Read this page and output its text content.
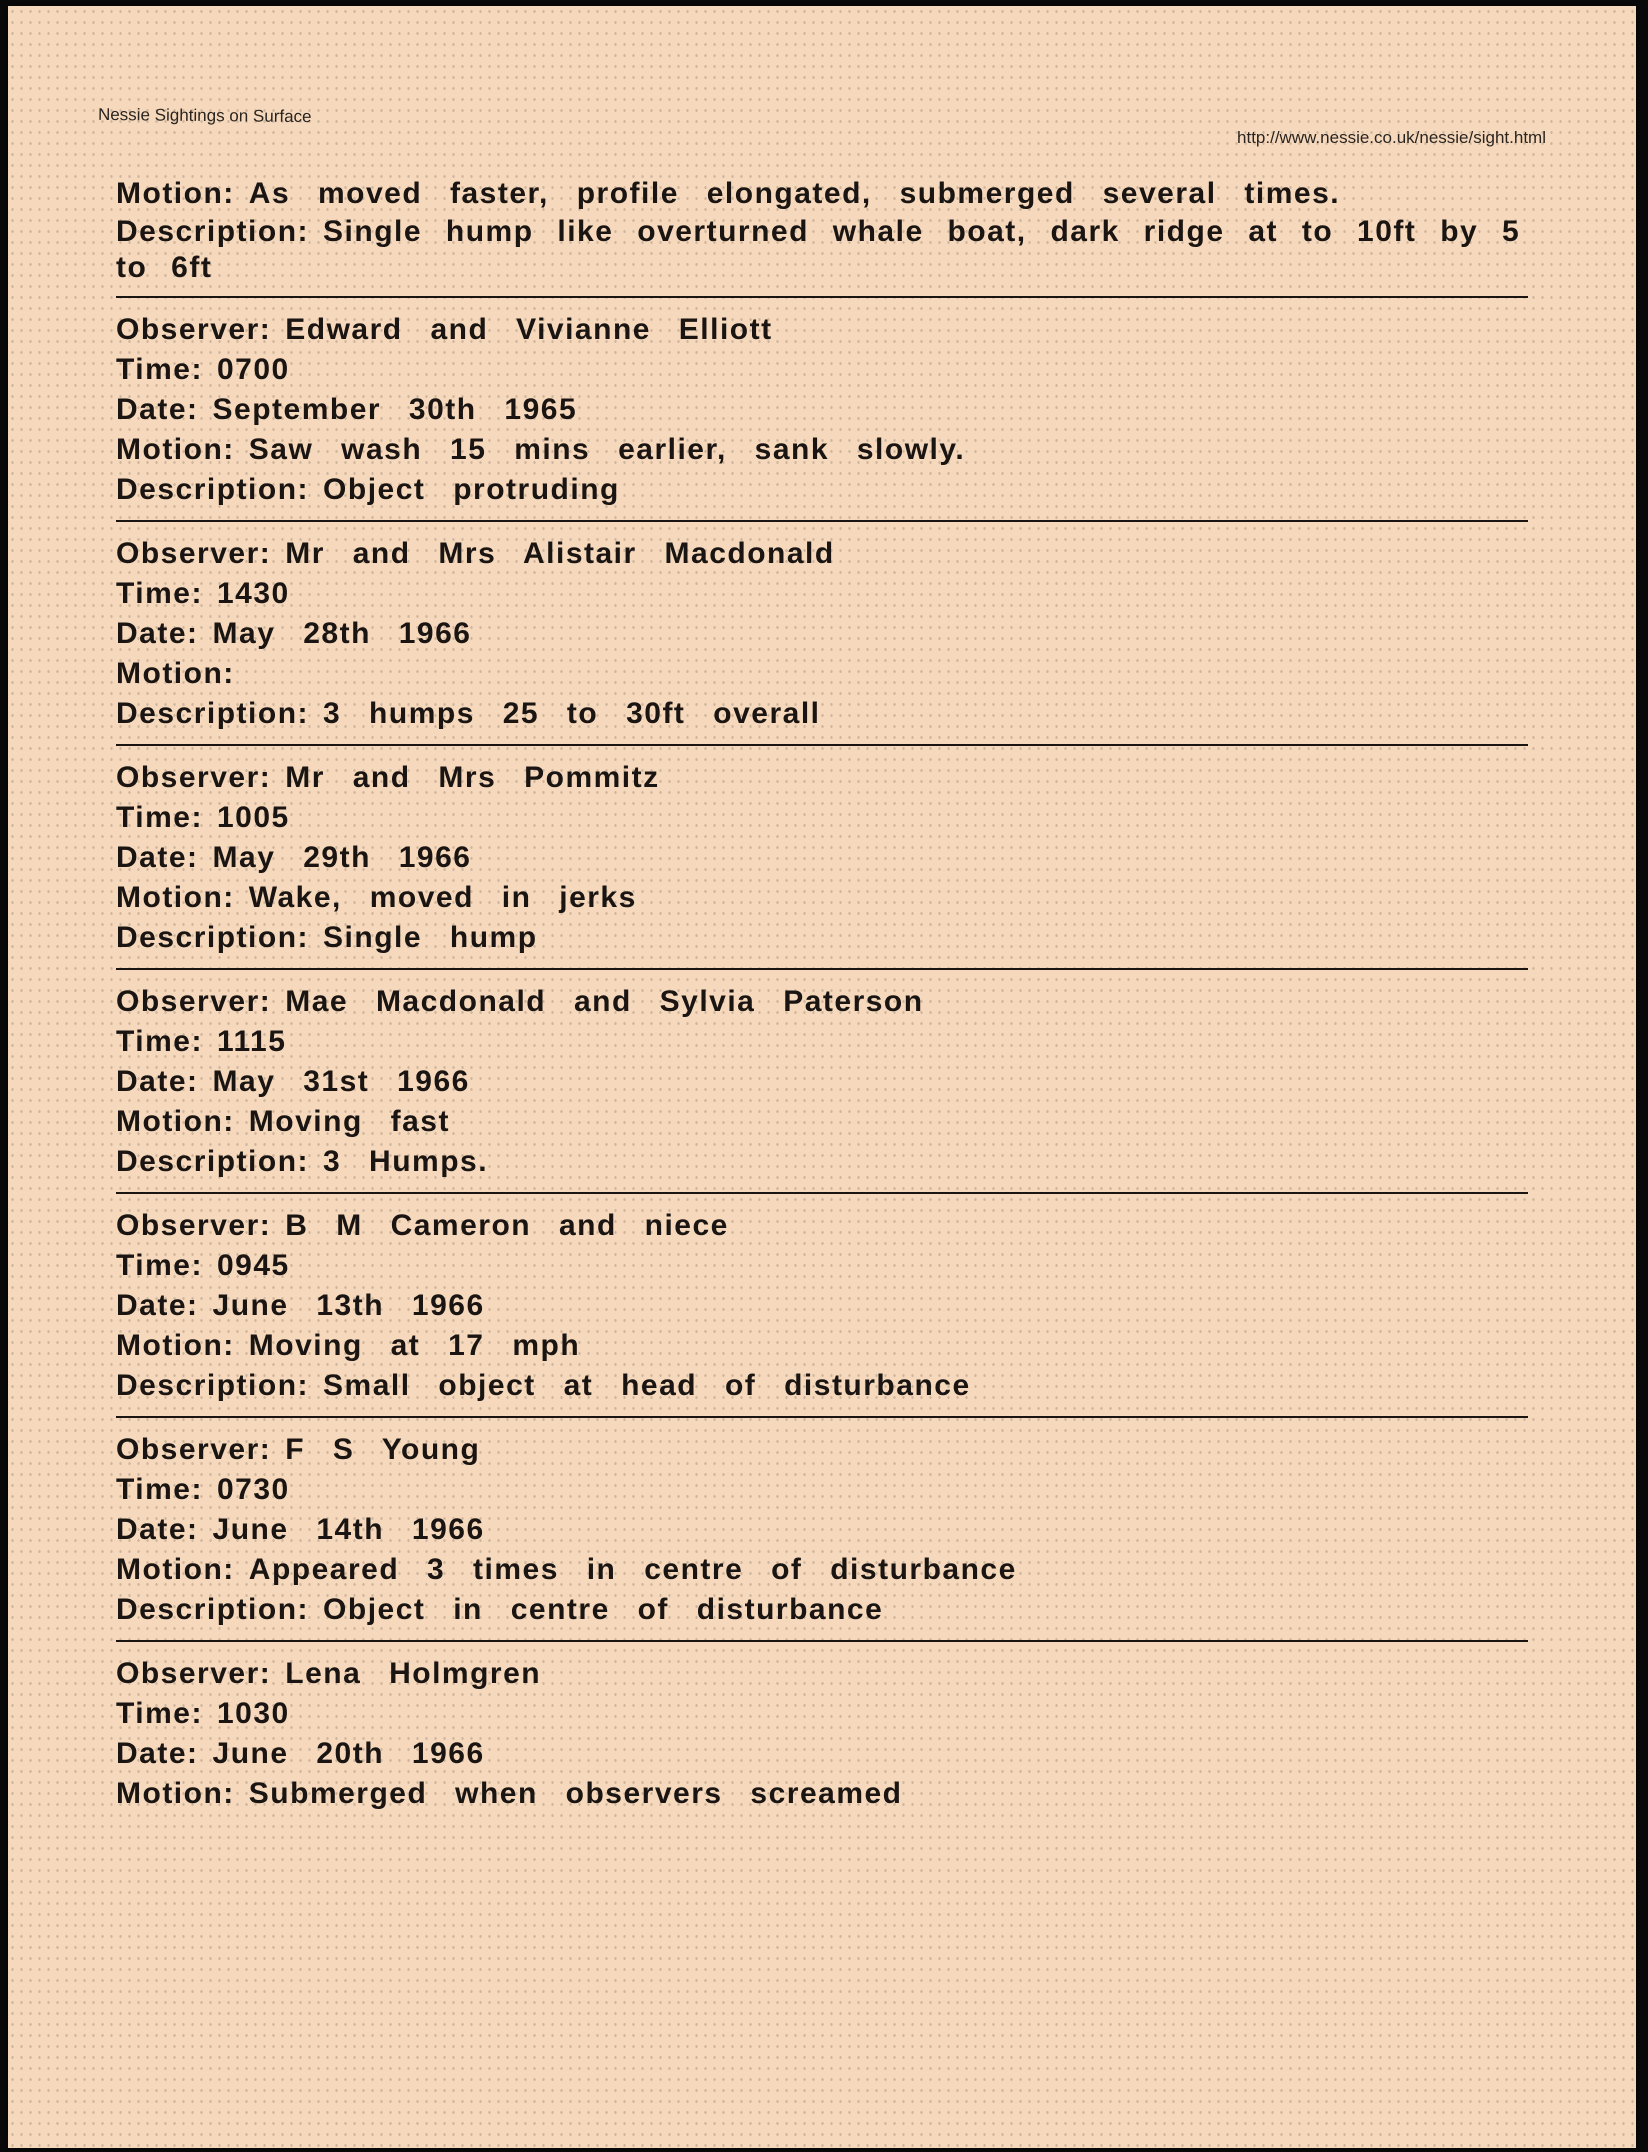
Nessie Sightings on Surface
http://www.nessie.co.uk/nessie/sight.html
Motion: As moved faster, profile elongated, submerged several times.
Description: Single hump like overturned whale boat, dark ridge at to 10ft by 5 to 6ft
Observer: Edward and Vivianne Elliott
Time: 0700
Date: September 30th 1965
Motion: Saw wash 15 mins earlier, sank slowly.
Description: Object protruding
Observer: Mr and Mrs Alistair Macdonald
Time: 1430
Date: May 28th 1966
Motion:
Description: 3 humps 25 to 30ft overall
Observer: Mr and Mrs Pommitz
Time: 1005
Date: May 29th 1966
Motion: Wake, moved in jerks
Description: Single hump
Observer: Mae Macdonald and Sylvia Paterson
Time: 1115
Date: May 31st 1966
Motion: Moving fast
Description: 3 Humps.
Observer: B M Cameron and niece
Time: 0945
Date: June 13th 1966
Motion: Moving at 17 mph
Description: Small object at head of disturbance
Observer: F S Young
Time: 0730
Date: June 14th 1966
Motion: Appeared 3 times in centre of disturbance
Description: Object in centre of disturbance
Observer: Lena Holmgren
Time: 1030
Date: June 20th 1966
Motion: Submerged when observers screamed
